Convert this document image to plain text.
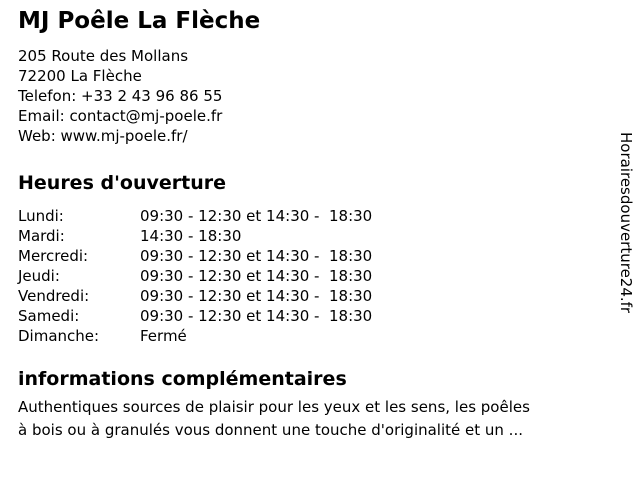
MJ Poêle La Flèche
205 Route des Mollans
72200 La Flèche
Telefon: +33 2 43 96 86 55
Email: contact@mj-poele.fr
Web: www.mj-poele.fr/
Heures d'ouverture
Lundi:	09:30 - 12:30 et 14:30 -  18:30
Mardi:	14:30 - 18:30
Mercredi:	09:30 - 12:30 et 14:30 -  18:30
Jeudi:	09:30 - 12:30 et 14:30 -  18:30
Vendredi:	09:30 - 12:30 et 14:30 -  18:30
Samedi:	09:30 - 12:30 et 14:30 -  18:30
Dimanche:	Fermé
informations complémentaires
Authentiques sources de plaisir pour les yeux et les sens, les poêles
à bois ou à granulés vous donnent une touche d'originalité et un ...
Horairesdouverture24.fr
